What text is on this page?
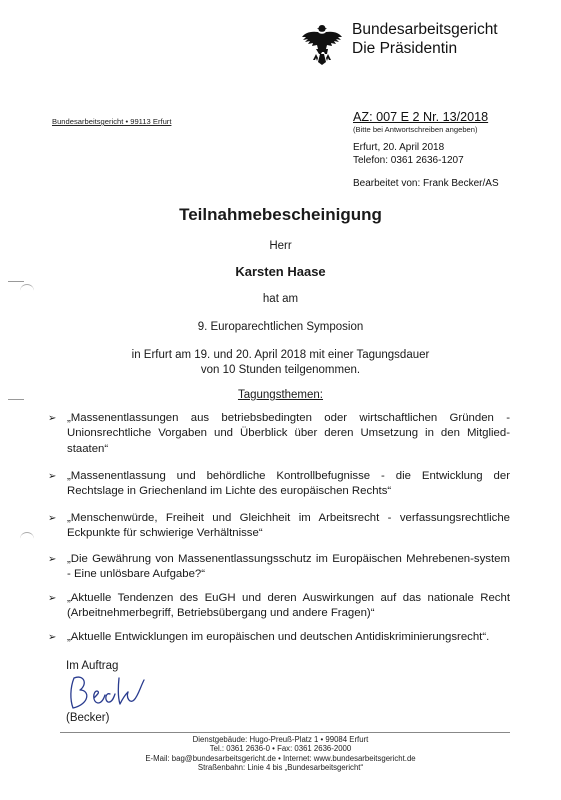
Bundesarbeitsgericht
Die Präsidentin
Bundesarbeitsgericht • 99113 Erfurt	AZ: 007 E 2 Nr. 13/2018
(Bitte bei Antwortschreiben angeben)
Erfurt, 20. April 2018
Telefon: 0361 2636-1207
Bearbeitet von: Frank Becker/AS
Teilnahmebescheinigung
Herr
Karsten Haase
hat am
9. Europarechtlichen Symposion
in Erfurt am 19. und 20. April 2018 mit einer Tagungsdauer
von 10 Stunden teilgenommen.
Tagungsthemen:
➢ „Massenentlassungen aus betriebsbedingten oder wirtschaftlichen Gründen - Unionsrechtliche Vorgaben und Überblick über deren Umsetzung in den Mitglied-staaten“
➢ „Massenentlassung und behördliche Kontrollbefugnisse - die Entwicklung der Rechtslage in Griechenland im Lichte des europäischen Rechts“
➢ „Menschenwürde, Freiheit und Gleichheit im Arbeitsrecht - verfassungsrechtliche Eckpunkte für schwierige Verhältnisse“
➢ „Die Gewährung von Massenentlassungsschutz im Europäischen Mehrebenen-system - Eine unlösbare Aufgabe?“
➢ „Aktuelle Tendenzen des EuGH und deren Auswirkungen auf das nationale Recht (Arbeitnehmerbegriff, Betriebsübergang und andere Fragen)“
➢ „Aktuelle Entwicklungen im europäischen und deutschen Antidiskriminierungsrecht“.
Im Auftrag
(Becker)
Dienstgebäude: Hugo-Preuß-Platz 1 • 99084 Erfurt
Tel.: 0361 2636-0 • Fax: 0361 2636-2000
E-Mail: bag@bundesarbeitsgericht.de • Internet: www.bundesarbeitsgericht.de
Straßenbahn: Linie 4 bis „Bundesarbeitsgericht“
